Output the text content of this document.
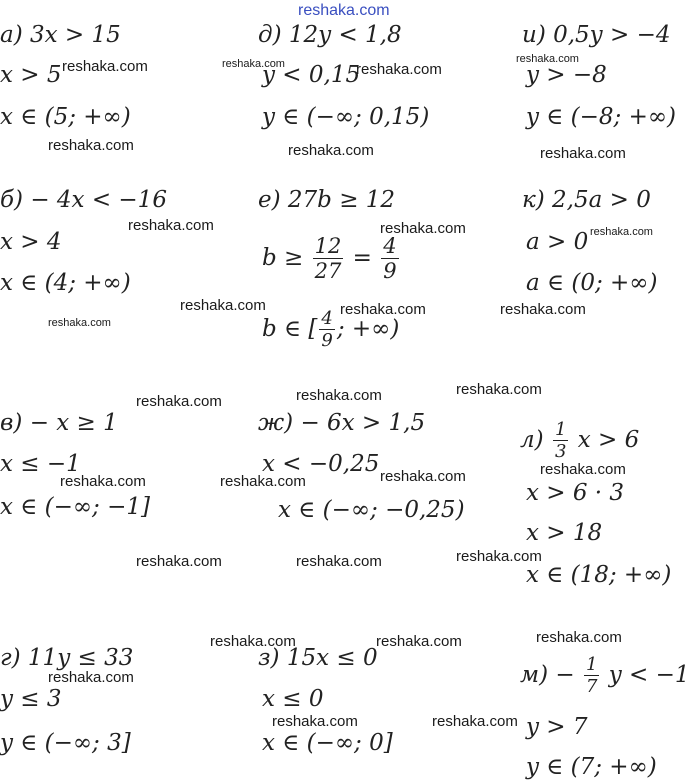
а) 3x > 15
x > 5
x ∈ (5; +∞)
б) − 4x < −16
x > 4
x ∈ (4; +∞)
в) − x ≥ 1
x ≤ −1
x ∈ (−∞; −1]
г) 11y ≤ 33
y ≤ 3
y ∈ (−∞; 3]
д) 12y < 1,8
y < 0,15
y ∈ (−∞; 0,15)
е) 27b ≥ 12
$b \ge \frac{12}{27} = \frac{4}{9}$
b ∈ [ $\frac{4}{9}$ ; +∞)
ж) − 6x > 1,5
x < −0,25
x ∈ (−∞; −0,25)
з) 15x ≤ 0
x ≤ 0
x ∈ (−∞; 0]
и) 0,5y > −4
y > −8
y ∈ (−8; +∞)
к) 2,5a > 0
a > 0
a ∈ (0; +∞)
$л) \frac{1}{3}$ x > 6
x > 6 · 3
x > 18
x ∈ (18; +∞)
$м) - \frac{1}{7}$ y < −1
y > 7
y ∈ (7; +∞)
reshaka.com
reshaka.com	reshaka.com	reshaka.com
reshaka.com
reshaka.com	reshaka.com	reshaka.com
reshaka.com	reshaka.com	reshaka.com
reshaka.com	reshaka.com	reshaka.com
reshaka.com
reshaka.com	reshaka.com
reshaka.com
reshaka.com	reshaka.com
reshaka.com	reshaka.com
reshaka.com	reshaka.com	reshaka.com
reshaka.com
reshaka.com	reshaka.com
reshaka.com
reshaka.com	reshaka.com
